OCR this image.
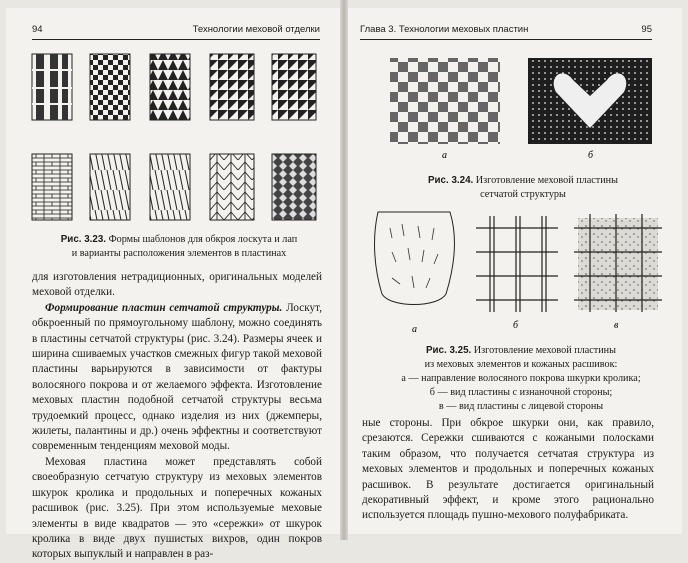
94	Технологии меховой отделки
Рис. 3.23. Формы шаблонов для обкроя лоскута и лап
и варианты расположения элементов в пластинах

для изготовления нетрадиционных, оригинальных моделей меховой отделки.

Формирование пластин сетчатой структуры. Лоскут, обкроенный по прямоугольному шаблону, можно соединять в пластины сетчатой структуры (рис. 3.24). Размеры ячеек и ширина сшиваемых участков смежных фигур такой меховой пластины варьируются в зависимости от фактуры волосяного покрова и от желаемого эффекта. Изготовление меховых пластин подобной сетчатой структуры весьма трудоемкий процесс, однако изделия из них (джемперы, жилеты, палантины и др.) очень эффектны и соответствуют современным тенденциям меховой моды.

Меховая пластина может представлять собой своеобразную сетчатую структуру из меховых элементов шкурок кролика и продольных и поперечных кожаных расшивок (рис. 3.25). При этом используемые меховые элементы в виде квадратов — это «сережки» от шкурок кролика в виде двух пушистых вихров, один покров которых выпуклый и направлен в раз-

Глава 3. Технологии меховых пластин	95
а	б
Рис. 3.24. Изготовление меховой пластины
сетчатой структуры
а	б	в
Рис. 3.25. Изготовление меховой пластины
из меховых элементов и кожаных расшивок:
а — направление волосяного покрова шкурки кролика;
б — вид пластины с изнаночной стороны;
в — вид пластины с лицевой стороны

ные стороны. При обкрое шкурки они, как правило, срезаются. Сережки сшиваются с кожаными полосками таким образом, что получается сетчатая структура из меховых элементов и продольных и поперечных кожаных расшивок. В результате достигается оригинальный декоративный эффект, и кроме этого рационально используется площадь пушно-мехового полуфабриката.
